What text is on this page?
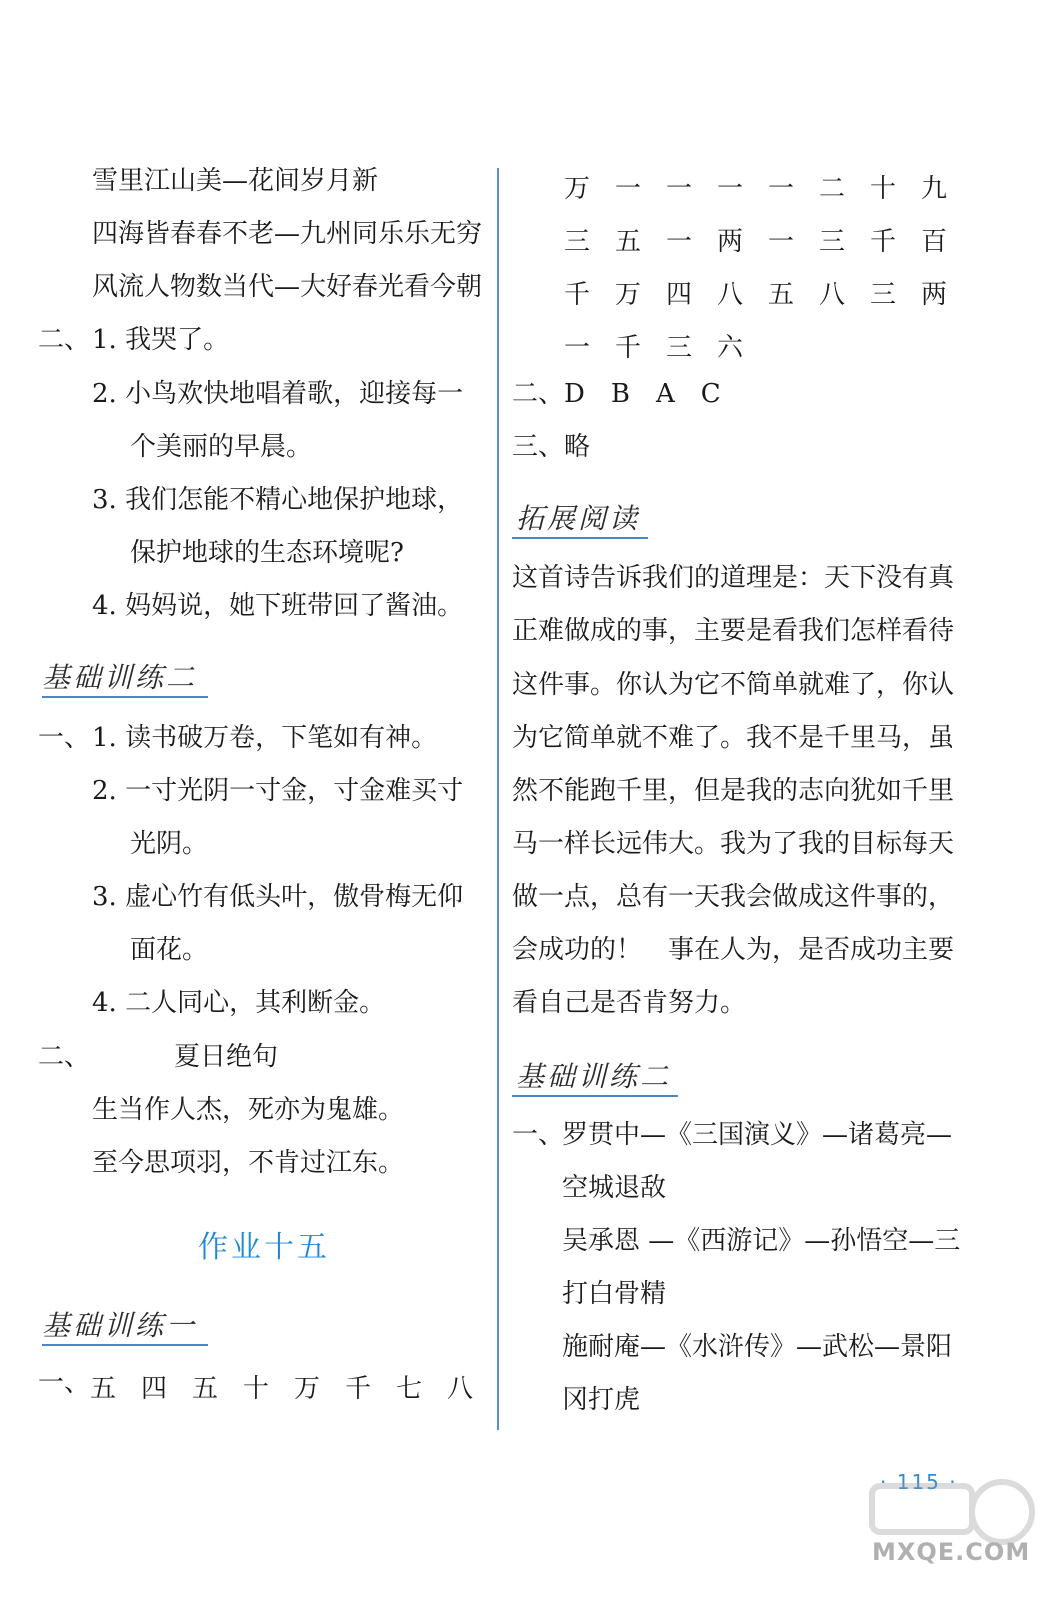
雪里江山美—花间岁月新
四海皆春春不老—九州同乐乐无穷
风流人物数当代—大好春光看今朝
二、 1. 我哭了。
2. 小鸟欢快地唱着歌，迎接每一
个美丽的早晨。
3. 我们怎能不精心地保护地球，
保护地球的生态环境呢?
4. 妈妈说，她下班带回了酱油。
基础训练二
一、 1. 读书破万卷，下笔如有神。
2. 一寸光阴一寸金，寸金难买寸
光阴。
3. 虚心竹有低头叶，傲骨梅无仰
面花。
4. 二人同心，其利断金。
二、	夏日绝句
生当作人杰，死亦为鬼雄。
至今思项羽，不肯过江东。
作业十五
基础训练一
一、 五 四 五 十 万 千 七 八
万 一 一 一 一 二 十 九
三 五 一 两 一 三 千 百
千 万 四 八 五 八 三 两
一 千 三 六
二、D　B　A　C
三、略
拓展阅读
这首诗告诉我们的道理是：天下没有真
正难做成的事，主要是看我们怎样看待
这件事。你认为它不简单就难了，你认
为它简单就不难了。我不是千里马，虽
然不能跑千里，但是我的志向犹如千里
马一样长远伟大。我为了我的目标每天
做一点，总有一天我会做成这件事的，
会成功的！　事在人为，是否成功主要
看自己是否肯努力。
基础训练二
一、
罗贯中—《三国演义》—诸葛亮—
空城退敌
吴承恩 —《西游记》—孙悟空—三
打白骨精
施耐庵—《水浒传》—武松—景阳
冈打虎
· 115 ·
MXQE.COM
